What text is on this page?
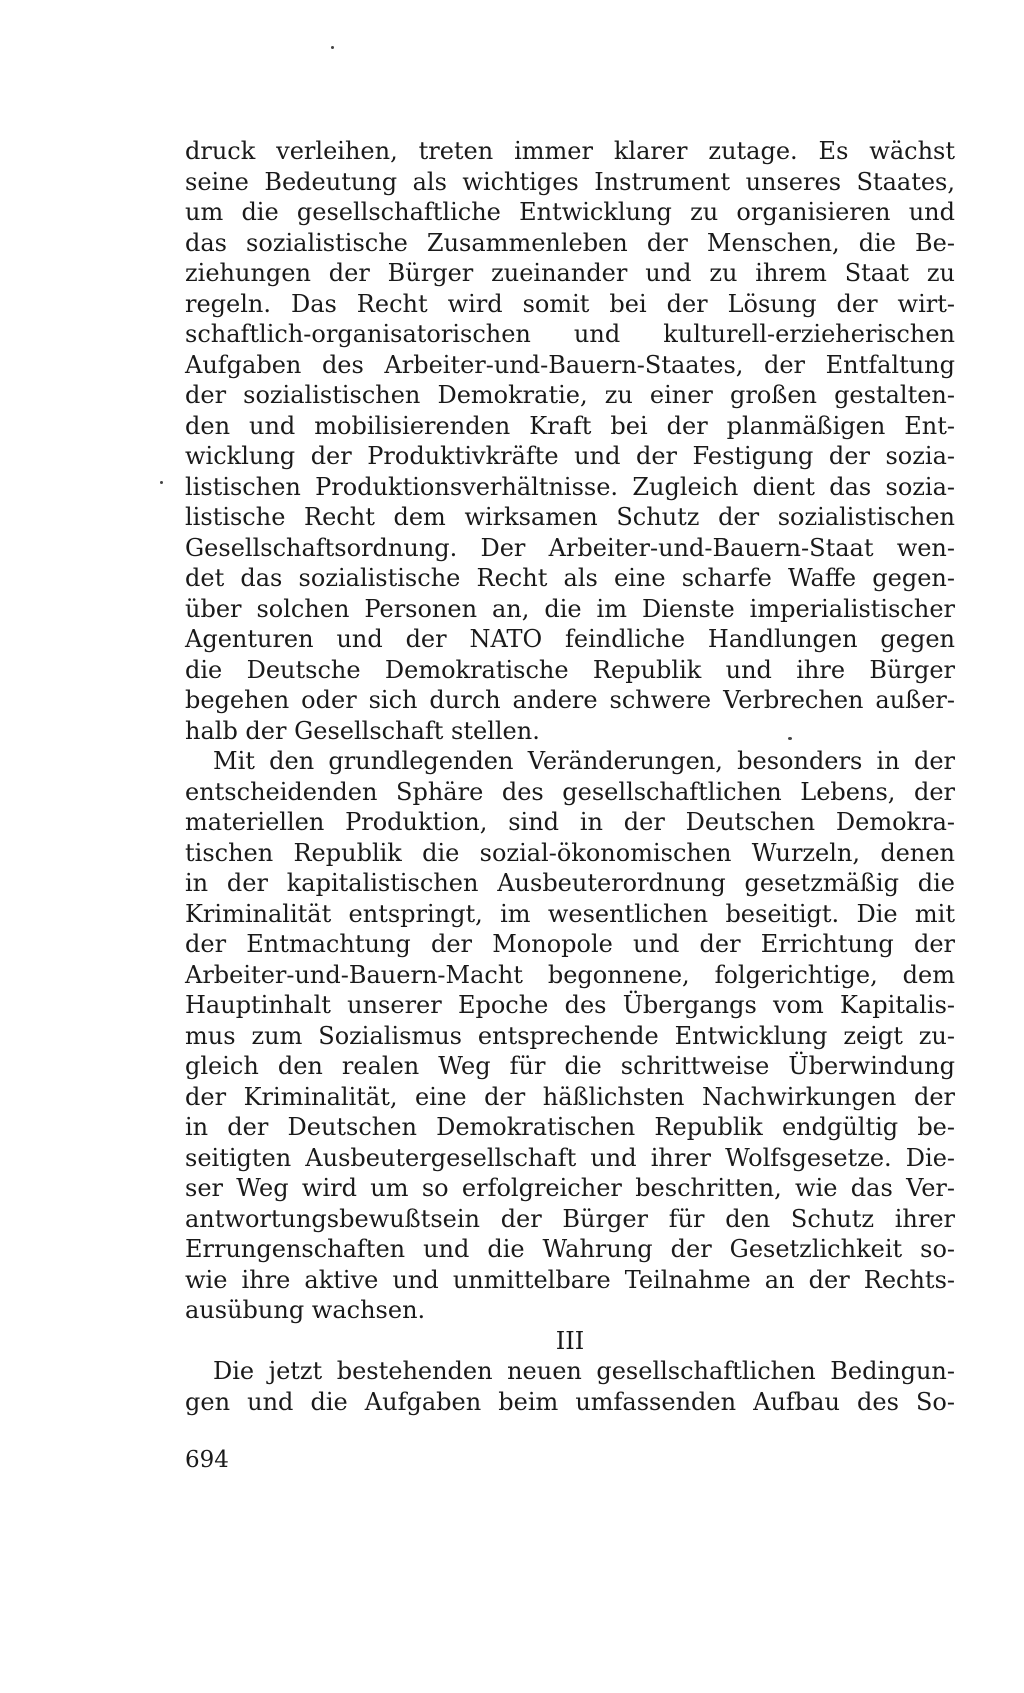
druck verleihen, treten immer klarer zutage. Es wächst
seine Bedeutung als wichtiges Instrument unseres Staates,
um die gesellschaftliche Entwicklung zu organisieren und
das sozialistische Zusammenleben der Menschen, die Be-
ziehungen der Bürger zueinander und zu ihrem Staat zu
regeln. Das Recht wird somit bei der Lösung der wirt-
schaftlich-organisatorischen und kulturell-erzieherischen
Aufgaben des Arbeiter-und-Bauern-Staates, der Entfaltung
der sozialistischen Demokratie, zu einer großen gestalten-
den und mobilisierenden Kraft bei der planmäßigen Ent-
wicklung der Produktivkräfte und der Festigung der sozia-
listischen Produktionsverhältnisse. Zugleich dient das sozia-
listische Recht dem wirksamen Schutz der sozialistischen
Gesellschaftsordnung. Der Arbeiter-und-Bauern-Staat wen-
det das sozialistische Recht als eine scharfe Waffe gegen-
über solchen Personen an, die im Dienste imperialistischer
Agenturen und der NATO feindliche Handlungen gegen
die Deutsche Demokratische Republik und ihre Bürger
begehen oder sich durch andere schwere Verbrechen außer-
halb der Gesellschaft stellen.
Mit den grundlegenden Veränderungen, besonders in der
entscheidenden Sphäre des gesellschaftlichen Lebens, der
materiellen Produktion, sind in der Deutschen Demokra-
tischen Republik die sozial-ökonomischen Wurzeln, denen
in der kapitalistischen Ausbeuterordnung gesetzmäßig die
Kriminalität entspringt, im wesentlichen beseitigt. Die mit
der Entmachtung der Monopole und der Errichtung der
Arbeiter-und-Bauern-Macht begonnene, folgerichtige, dem
Hauptinhalt unserer Epoche des Übergangs vom Kapitalis-
mus zum Sozialismus entsprechende Entwicklung zeigt zu-
gleich den realen Weg für die schrittweise Überwindung
der Kriminalität, eine der häßlichsten Nachwirkungen der
in der Deutschen Demokratischen Republik endgültig be-
seitigten Ausbeutergesellschaft und ihrer Wolfsgesetze. Die-
ser Weg wird um so erfolgreicher beschritten, wie das Ver-
antwortungsbewußtsein der Bürger für den Schutz ihrer
Errungenschaften und die Wahrung der Gesetzlichkeit so-
wie ihre aktive und unmittelbare Teilnahme an der Rechts-
ausübung wachsen.
III
Die jetzt bestehenden neuen gesellschaftlichen Bedingun-
gen und die Aufgaben beim umfassenden Aufbau des So-
694
